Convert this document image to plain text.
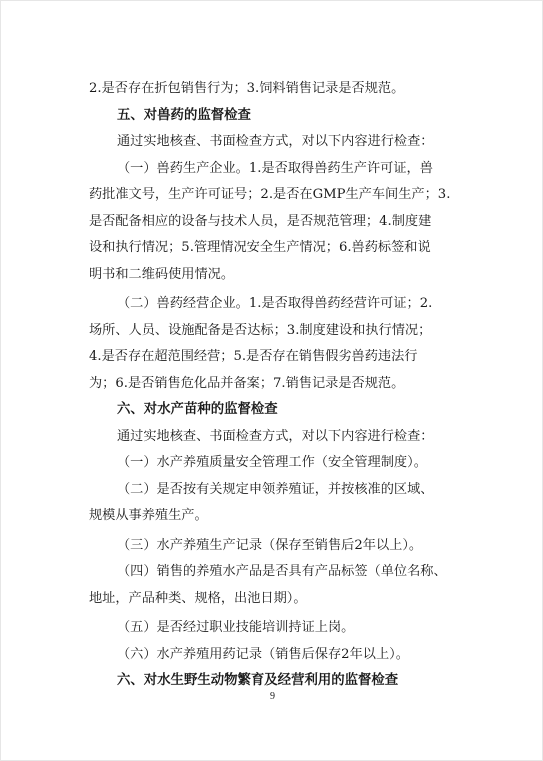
2.是否存在折包销售行为；3.饲料销售记录是否规范。
五、对兽药的监督检查
通过实地核查、书面检查方式，对以下内容进行检查：
（一）兽药生产企业。1.是否取得兽药生产许可证，兽
药批准文号，生产许可证号；2.是否在GMP生产车间生产；3.
是否配备相应的设备与技术人员，是否规范管理；4.制度建
设和执行情况；5.管理情况安全生产情况；6.兽药标签和说
明书和二维码使用情况。
（二）兽药经营企业。1.是否取得兽药经营许可证；2.
场所、人员、设施配备是否达标；3.制度建设和执行情况；
4.是否存在超范围经营；5.是否存在销售假劣兽药违法行
为；6.是否销售危化品并备案；7.销售记录是否规范。
六、对水产苗种的监督检查
通过实地核查、书面检查方式，对以下内容进行检查：
（一）水产养殖质量安全管理工作（安全管理制度）。
（二）是否按有关规定申领养殖证，并按核准的区域、
规模从事养殖生产。
（三）水产养殖生产记录（保存至销售后2年以上）。
（四）销售的养殖水产品是否具有产品标签（单位名称、
地址，产品种类、规格，出池日期）。
（五）是否经过职业技能培训持证上岗。
（六）水产养殖用药记录（销售后保存2年以上）。
六、对水生野生动物繁育及经营利用的监督检查
9
